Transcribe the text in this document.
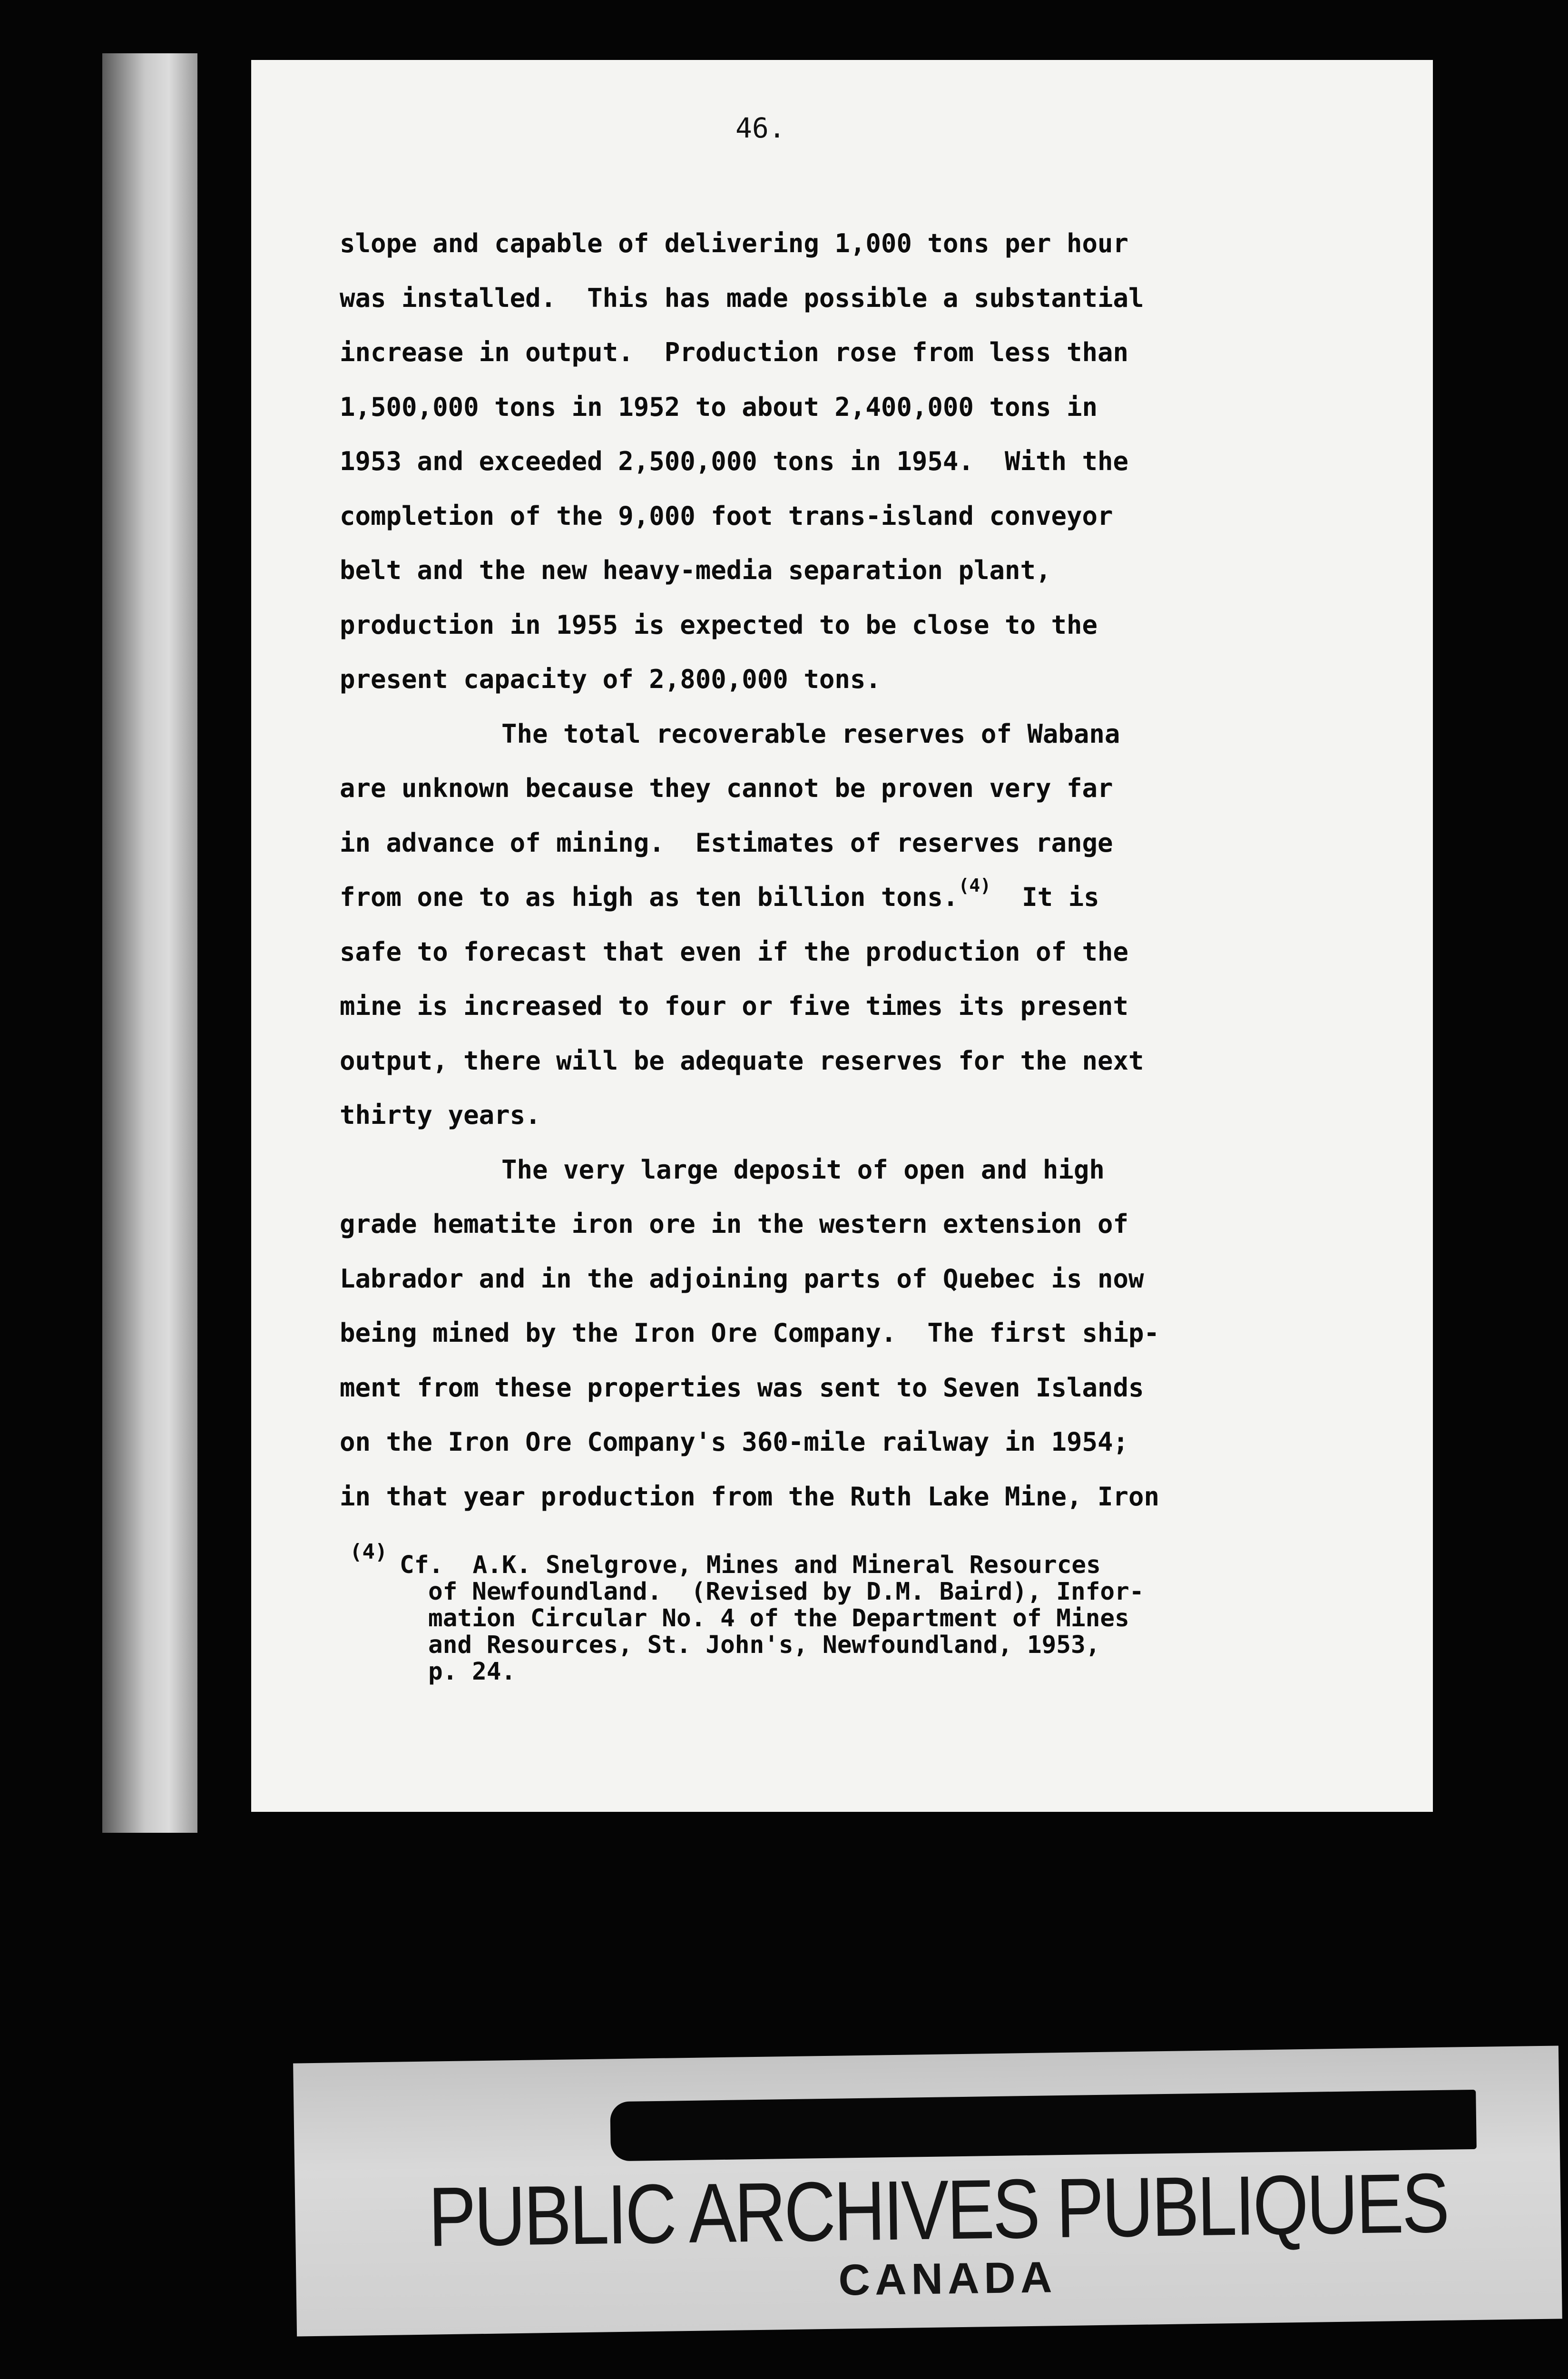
46.
slope and capable of delivering 1,000 tons per hour
was installed.  This has made possible a substantial
increase in output.  Production rose from less than
1,500,000 tons in 1952 to about 2,400,000 tons in
1953 and exceeded 2,500,000 tons in 1954.  With the
completion of the 9,000 foot trans-island conveyor
belt and the new heavy-media separation plant,
production in 1955 is expected to be close to the
present capacity of 2,800,000 tons.
The total recoverable reserves of Wabana
are unknown because they cannot be proven very far
in advance of mining.  Estimates of reserves range
from one to as high as ten billion tons.$^{(4)}$  It is
safe to forecast that even if the production of the
mine is increased to four or five times its present
output, there will be adequate reserves for the next
thirty years.
The very large deposit of open and high
grade hematite iron ore in the western extension of
Labrador and in the adjoining parts of Quebec is now
being mined by the Iron Ore Company.  The first ship-
ment from these properties was sent to Seven Islands
on the Iron Ore Company's 360-mile railway in 1954;
in that year production from the Ruth Lake Mine, Iron
(4) Cf.  A.K. Snelgrove, Mines and Mineral Resources
of Newfoundland.  (Revised by D.M. Baird), Infor-
mation Circular No. 4 of the Department of Mines
and Resources, St. John's, Newfoundland, 1953,
p. 24.
PUBLIC ARCHIVES PUBLIQUES
CANADA
